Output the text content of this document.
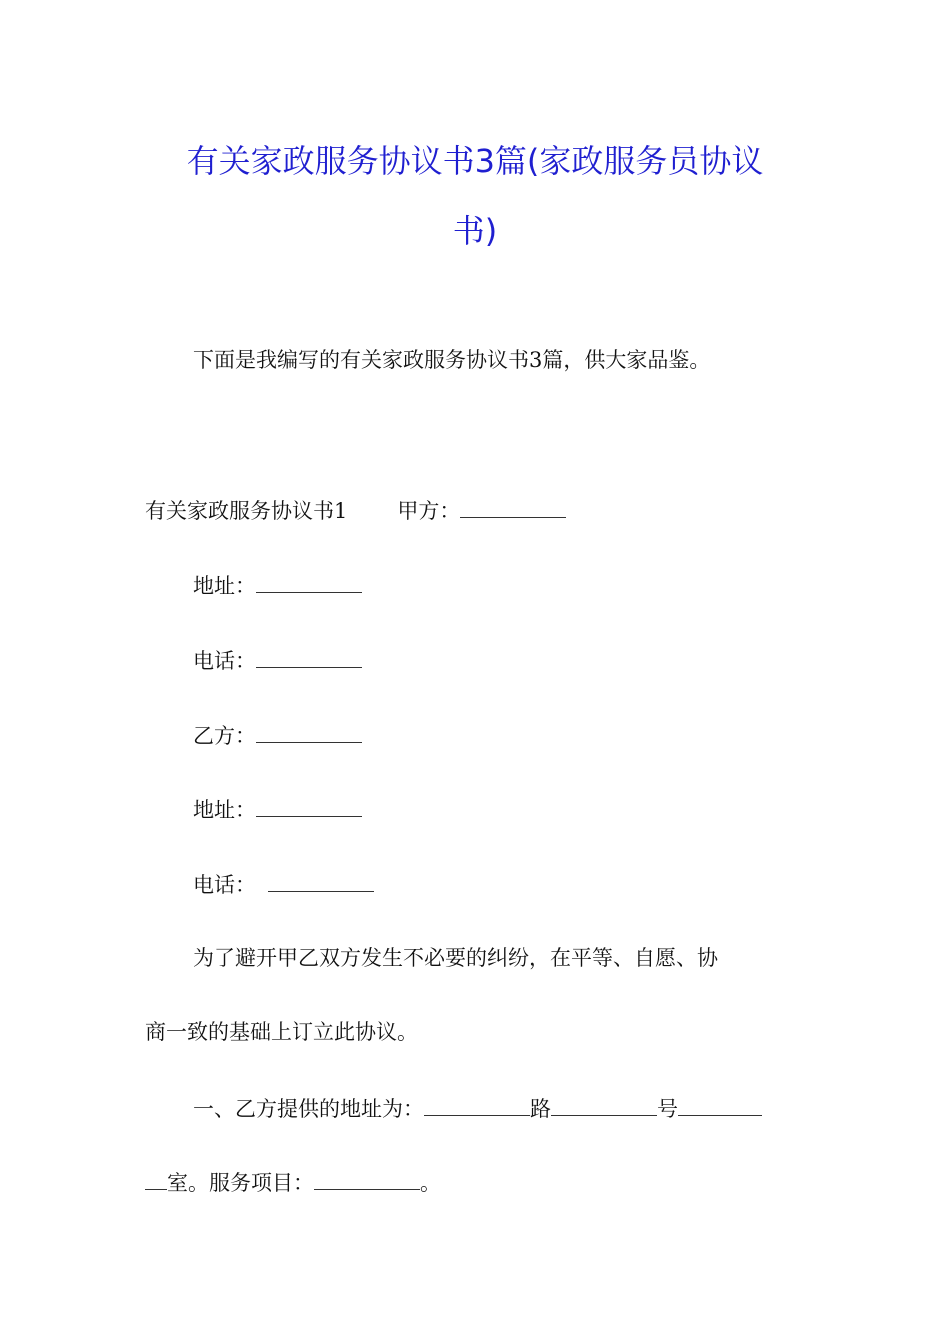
有关家政服务协议书3篇(家政服务员协议
书)
下面是我编写的有关家政服务协议书3篇，供大家品鉴。
有关家政服务协议书1 甲方：
地址：
电话：
乙方：
地址：
电话：
为了避开甲乙双方发生不必要的纠纷，在平等、自愿、协
商一致的基础上订立此协议。
一、乙方提供的地址为：	路	号
室。服务项目：	。
